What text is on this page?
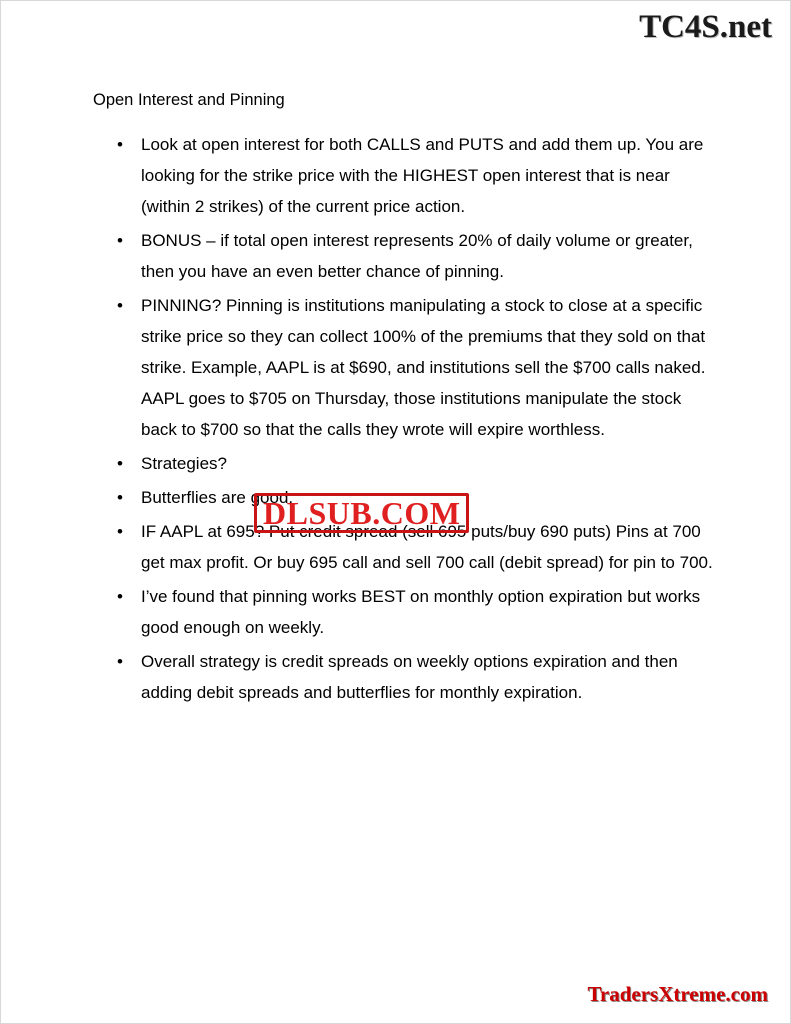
TC4S.net

Open Interest and Pinning

• Look at open interest for both CALLS and PUTS and add them up. You are looking for the strike price with the HIGHEST open interest that is near (within 2 strikes) of the current price action.
• BONUS – if total open interest represents 20% of daily volume or greater, then you have an even better chance of pinning.
• PINNING? Pinning is institutions manipulating a stock to close at a specific strike price so they can collect 100% of the premiums that they sold on that strike. Example, AAPL is at $690, and institutions sell the $700 calls naked. AAPL goes to $705 on Thursday, those institutions manipulate the stock back to $700 so that the calls they wrote will expire worthless.
• Strategies?
• Butterflies are good.
• IF AAPL at 695? Put credit spread (sell 695 puts/buy 690 puts) Pins at 700 get max profit. Or buy 695 call and sell 700 call (debit spread) for pin to 700.
• I’ve found that pinning works BEST on monthly option expiration but works good enough on weekly.
• Overall strategy is credit spreads on weekly options expiration and then adding debit spreads and butterflies for monthly expiration.
DLSUB.COM
TradersXtreme.com
